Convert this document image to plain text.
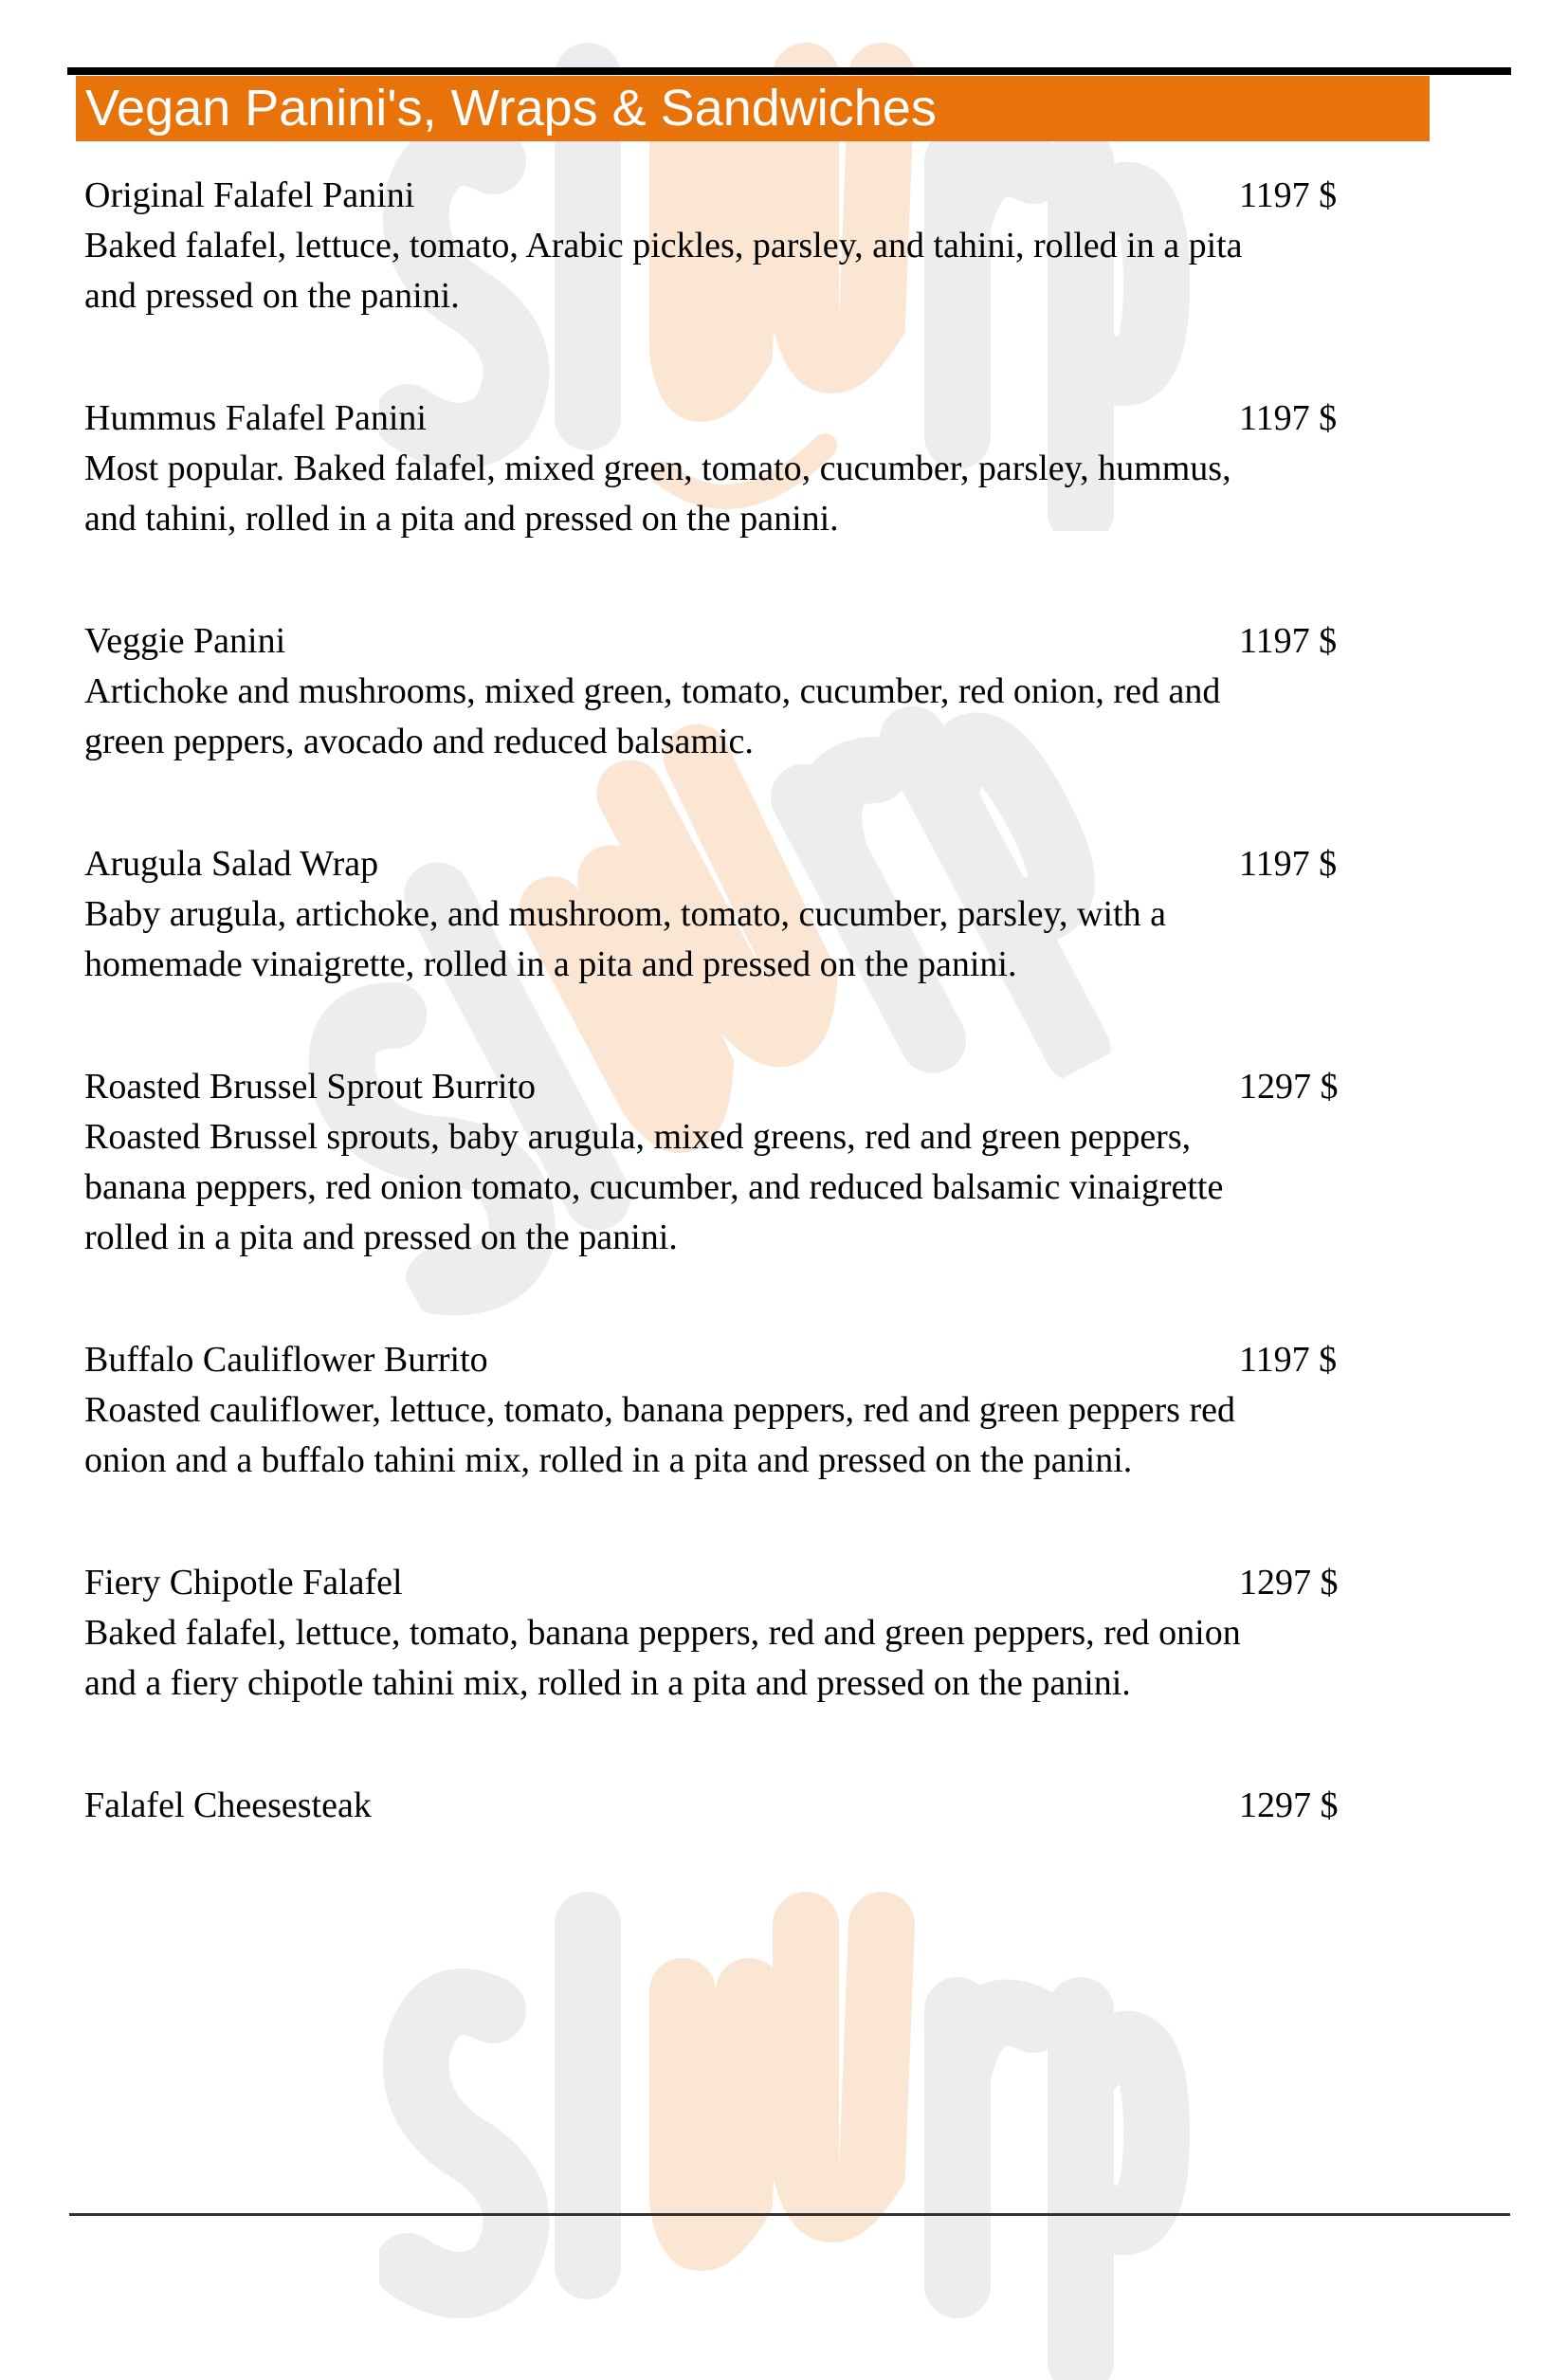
Vegan Panini's, Wraps & Sandwiches
Original Falafel Panini	1197 $
Baked falafel, lettuce, tomato, Arabic pickles, parsley, and tahini, rolled in a pita and pressed on the panini.
Hummus Falafel Panini	1197 $
Most popular. Baked falafel, mixed green, tomato, cucumber, parsley, hummus, and tahini, rolled in a pita and pressed on the panini.
Veggie Panini	1197 $
Artichoke and mushrooms, mixed green, tomato, cucumber, red onion, red and green peppers, avocado and reduced balsamic.
Arugula Salad Wrap	1197 $
Baby arugula, artichoke, and mushroom, tomato, cucumber, parsley, with a homemade vinaigrette, rolled in a pita and pressed on the panini.
Roasted Brussel Sprout Burrito	1297 $
Roasted Brussel sprouts, baby arugula, mixed greens, red and green peppers, banana peppers, red onion tomato, cucumber, and reduced balsamic vinaigrette rolled in a pita and pressed on the panini.
Buffalo Cauliflower Burrito	1197 $
Roasted cauliflower, lettuce, tomato, banana peppers, red and green peppers red onion and a buffalo tahini mix, rolled in a pita and pressed on the panini.
Fiery Chipotle Falafel	1297 $
Baked falafel, lettuce, tomato, banana peppers, red and green peppers, red onion and a fiery chipotle tahini mix, rolled in a pita and pressed on the panini.
Falafel Cheesesteak	1297 $
